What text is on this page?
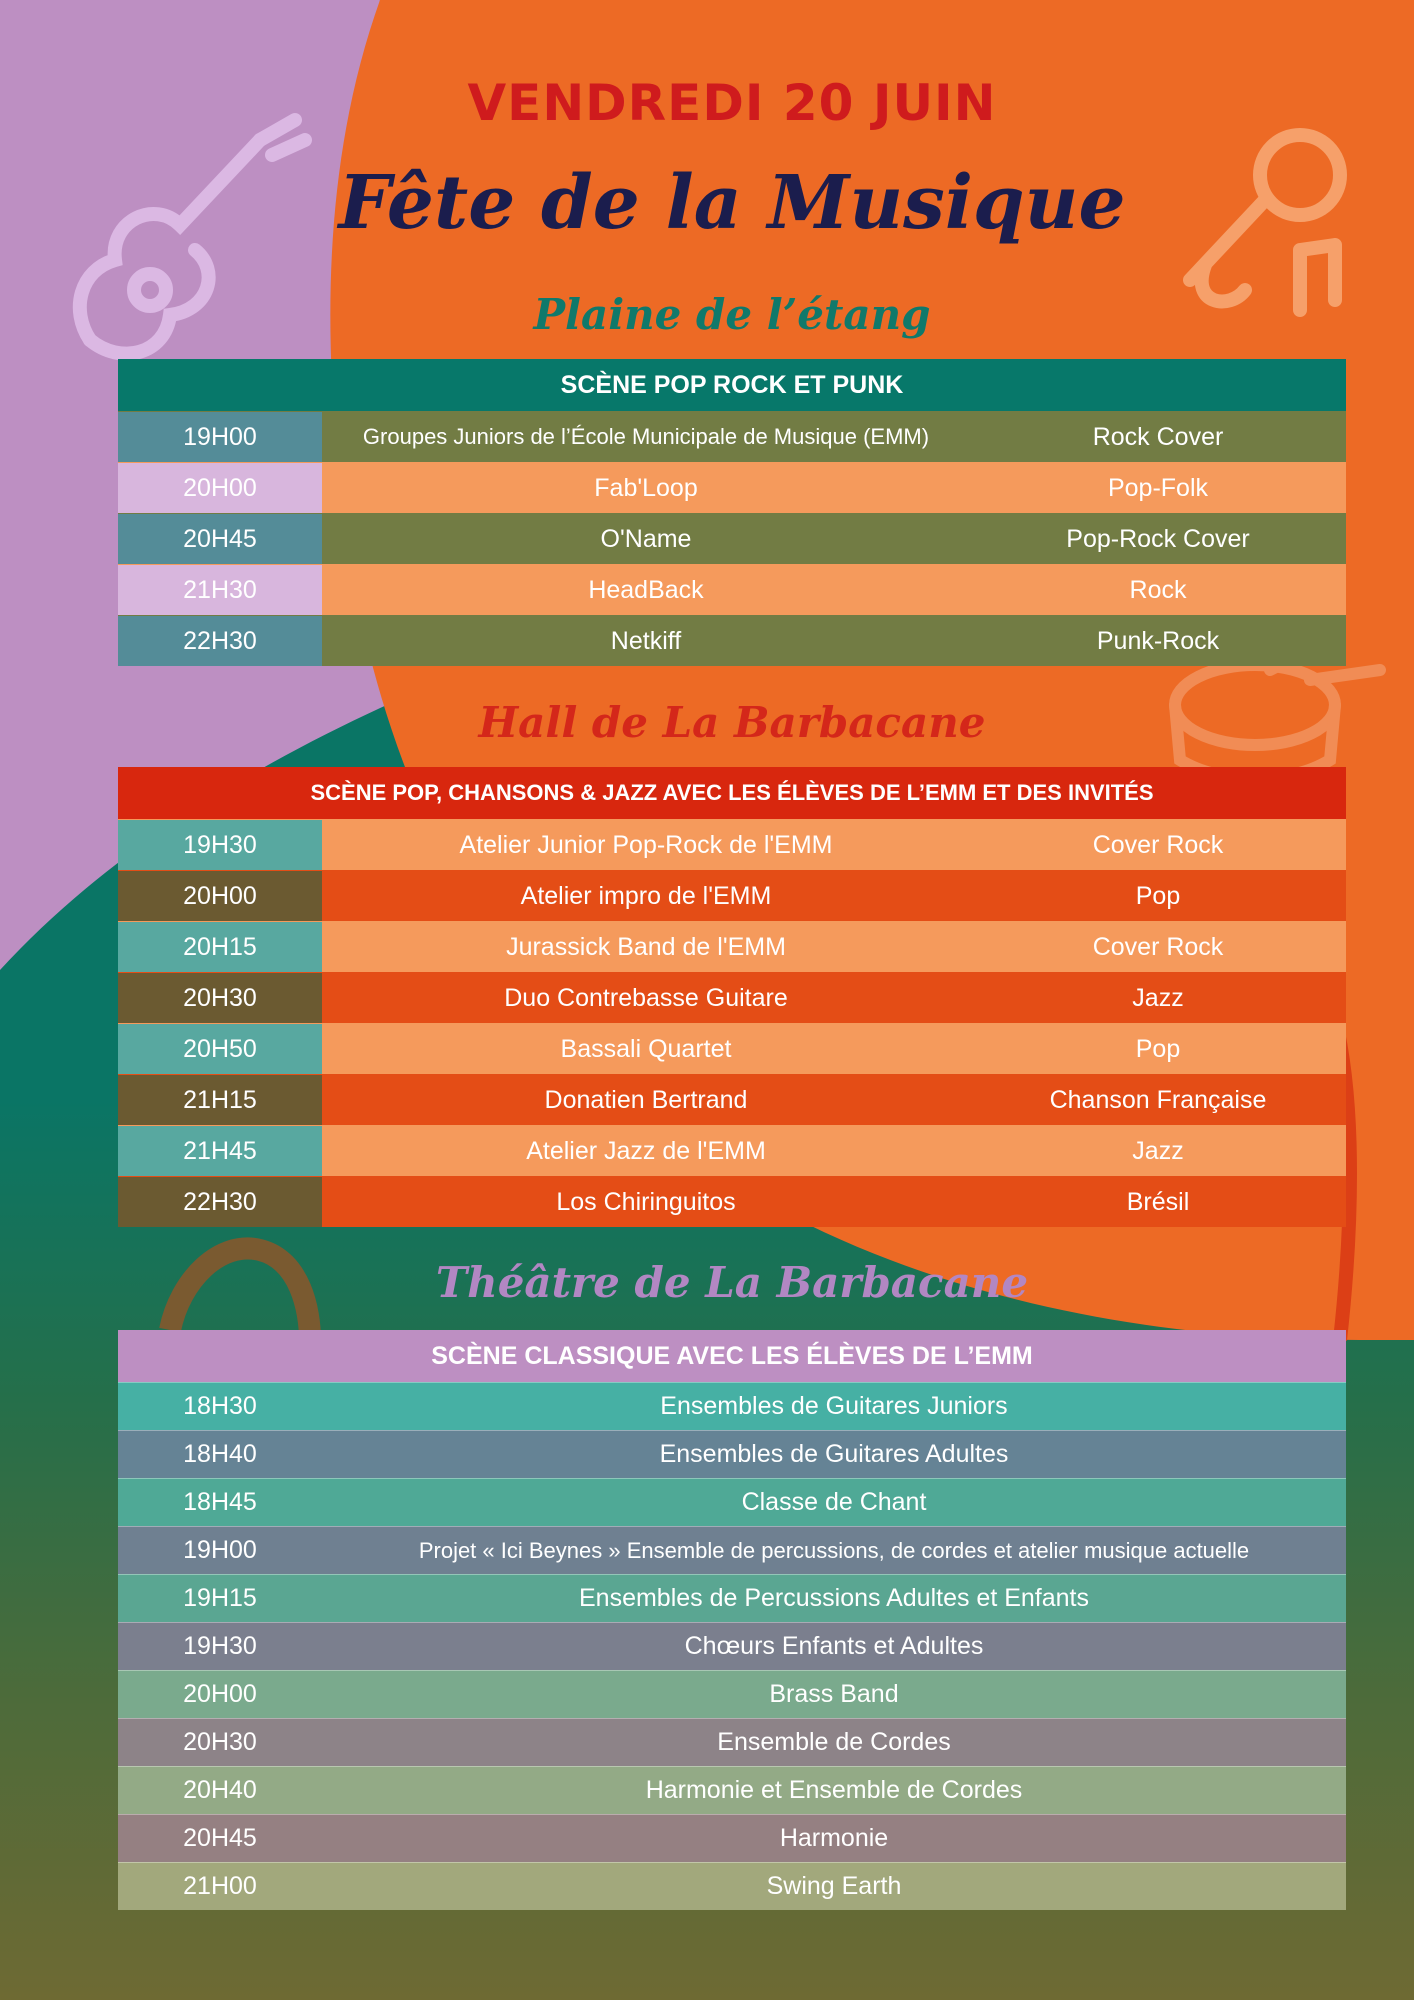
VENDREDI 20 JUIN
Fête de la Musique
Plaine de l’étang
SCÈNE POP ROCK ET PUNK
19H00	Groupes Juniors de l’École Municipale de Musique (EMM)	Rock Cover
20H00	Fab'Loop	Pop-Folk
20H45	O'Name	Pop-Rock Cover
21H30	HeadBack	Rock
22H30	Netkiff	Punk-Rock
Hall de La Barbacane
SCÈNE POP, CHANSONS & JAZZ AVEC LES ÉLÈVES DE L’EMM ET DES INVITÉS
19H30	Atelier Junior Pop-Rock de l'EMM	Cover Rock
20H00	Atelier impro de l'EMM	Pop
20H15	Jurassick Band de l'EMM	Cover Rock
20H30	Duo Contrebasse Guitare	Jazz
20H50	Bassali Quartet	Pop
21H15	Donatien Bertrand	Chanson Française
21H45	Atelier Jazz de l'EMM	Jazz
22H30	Los Chiringuitos	Brésil
Théâtre de La Barbacane
SCÈNE CLASSIQUE AVEC LES ÉLÈVES DE L’EMM
18H30	Ensembles de Guitares Juniors
18H40	Ensembles de Guitares Adultes
18H45	Classe de Chant
19H00	Projet « Ici Beynes » Ensemble de percussions, de cordes et atelier musique actuelle
19H15	Ensembles de Percussions Adultes et Enfants
19H30	Chœurs Enfants et Adultes
20H00	Brass Band
20H30	Ensemble de Cordes
20H40	Harmonie et Ensemble de Cordes
20H45	Harmonie
21H00	Swing Earth
